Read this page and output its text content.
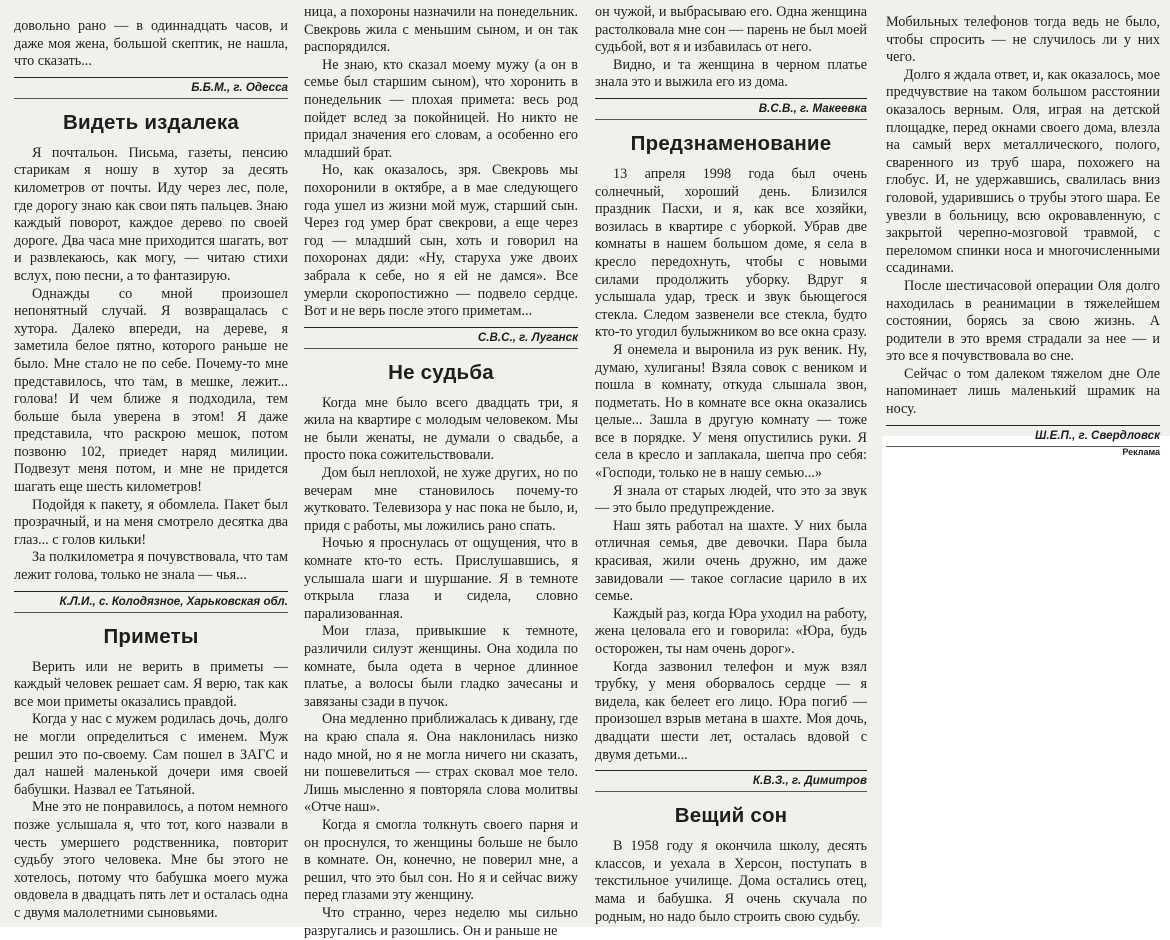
довольно рано — в одиннадцать часов, и даже моя жена, большой скептик, не нашла, что сказать...

Б.Б.М., г. Одесса
Видеть издалека

Я почтальон. Письма, газеты, пенсию старикам я ношу в хутор за десять километров от почты. Иду через лес, поле, где дорогу знаю как свои пять пальцев. Знаю каждый поворот, каждое дерево по своей дороге. Два часа мне приходится шагать, вот и развлекаюсь, как могу, — читаю стихи вслух, пою песни, а то фантазирую.

Однажды со мной произошел непонятный случай. Я возвращалась с хутора. Далеко впереди, на дереве, я заметила белое пятно, которого раньше не было. Мне стало не по себе. Почему-то мне представилось, что там, в мешке, лежит... голова! И чем ближе я подходила, тем больше была уверена в этом! Я даже представила, что раскрою мешок, потом позвоню 102, приедет наряд милиции. Подвезут меня потом, и мне не придется шагать еще шесть километров!

Подойдя к пакету, я обомлела. Пакет был прозрачный, и на меня смотрело десятка два глаз... с голов кильки!

За полкилометра я почувствовала, что там лежит голова, только не знала — чья...

К.Л.И., с. Колодязное, Харьковская обл.
Приметы

Верить или не верить в приметы — каждый человек решает сам. Я верю, так как все мои приметы оказались правдой.

Когда у нас с мужем родилась дочь, долго не могли определиться с именем. Муж решил это по-своему. Сам пошел в ЗАГС и дал нашей маленькой дочери имя своей бабушки. Назвал ее Татьяной.

Мне это не понравилось, а потом немного позже услышала я, что тот, кого назвали в честь умершего родственника, повторит судьбу этого человека. Мне бы этого не хотелось, потому что бабушка моего мужа овдовела в двадцать пять лет и осталась одна с двумя малолетними сыновьями.

ница, а похороны назначили на понедельник. Свекровь жила с меньшим сыном, и он так распорядился.

Не знаю, кто сказал моему мужу (а он в семье был старшим сыном), что хоронить в понедельник — плохая примета: весь род пойдет вслед за покойницей. Но никто не придал значения его словам, а особенно его младший брат.

Но, как оказалось, зря. Свекровь мы похоронили в октябре, а в мае следующего года ушел из жизни мой муж, старший сын. Через год умер брат свекрови, а еще через год — младший сын, хоть и говорил на похоронах дяди: «Ну, старуха уже двоих забрала к себе, но я ей не дамся». Все умерли скоропостижно — подвело сердце. Вот и не верь после этого приметам...

С.В.С., г. Луганск
Не судьба

Когда мне было всего двадцать три, я жила на квартире с молодым человеком. Мы не были женаты, не думали о свадьбе, а просто пока сожительствовали.

Дом был неплохой, не хуже других, но по вечерам мне становилось почему-то жутковато. Телевизора у нас пока не было, и, придя с работы, мы ложились рано спать.

Ночью я проснулась от ощущения, что в комнате кто-то есть. Прислушавшись, я услышала шаги и шуршание. Я в темноте открыла глаза и сидела, словно парализованная.

Мои глаза, привыкшие к темноте, различили силуэт женщины. Она ходила по комнате, была одета в черное длинное платье, а волосы были гладко зачесаны и завязаны сзади в пучок.

Она медленно приближалась к дивану, где на краю спала я. Она наклонилась низко надо мной, но я не могла ничего ни сказать, ни пошевелиться — страх сковал мое тело. Лишь мысленно я повторяла слова молитвы «Отче наш».

Когда я смогла толкнуть своего парня и он проснулся, то женщины больше не было в комнате. Он, конечно, не поверил мне, а решил, что это был сон. Но я и сейчас вижу перед глазами эту женщину.

Что странно, через неделю мы сильно разругались и разошлись. Он и раньше не

он чужой, и выбрасываю его. Одна женщина растолковала мне сон — парень не был моей судьбой, вот я и избавилась от него.

Видно, и та женщина в черном платье знала это и выжила его из дома.

В.С.В., г. Макеевка
Предзнаменование

13 апреля 1998 года был очень солнечный, хороший день. Близился праздник Пасхи, и я, как все хозяйки, возилась в квартире с уборкой. Убрав две комнаты в нашем большом доме, я села в кресло передохнуть, чтобы с новыми силами продолжить уборку. Вдруг я услышала удар, треск и звук бьющегося стекла. Следом зазвенели все стекла, будто кто-то угодил булыжником во все окна сразу.

Я онемела и выронила из рук веник. Ну, думаю, хулиганы! Взяла совок с веником и пошла в комнату, откуда слышала звон, подметать. Но в комнате все окна оказались целые... Зашла в другую комнату — тоже все в порядке. У меня опустились руки. Я села в кресло и заплакала, шепча про себя: «Господи, только не в нашу семью...»

Я знала от старых людей, что это за звук — это было предупреждение.

Наш зять работал на шахте. У них была отличная семья, две девочки. Пара была красивая, жили очень дружно, им даже завидовали — такое согласие царило в их семье.

Каждый раз, когда Юра уходил на работу, жена целовала его и говорила: «Юра, будь осторожен, ты нам очень дорог».

Когда зазвонил телефон и муж взял трубку, у меня оборвалось сердце — я видела, как белеет его лицо. Юра погиб — произошел взрыв метана в шахте. Моя дочь, двадцати шести лет, осталась вдовой с двумя детьми...

К.В.З., г. Димитров
Вещий сон

В 1958 году я окончила школу, десять классов, и уехала в Херсон, поступать в текстильное училище. Дома остались отец, мама и бабушка. Я очень скучала по родным, но надо было строить свою судьбу.

Мобильных телефонов тогда ведь не было, чтобы спросить — не случилось ли у них чего.

Долго я ждала ответ, и, как оказалось, мое предчувствие на таком большом расстоянии оказалось верным. Оля, играя на детской площадке, перед окнами своего дома, влезла на самый верх металлического, полого, сваренного из труб шара, похожего на глобус. И, не удержавшись, свалилась вниз головой, ударившись о трубы этого шара. Ее увезли в больницу, всю окровавленную, с закрытой черепно-мозговой травмой, с переломом спинки носа и многочисленными ссадинами.

После шестичасовой операции Оля долго находилась в реанимации в тяжелейшем состоянии, борясь за свою жизнь. А родители в это время страдали за нее — и это все я почувствовала во сне.

Сейчас о том далеком тяжелом дне Оле напоминает лишь маленький шрамик на носу.

Ш.Е.П., г. Свердловск
Реклама
